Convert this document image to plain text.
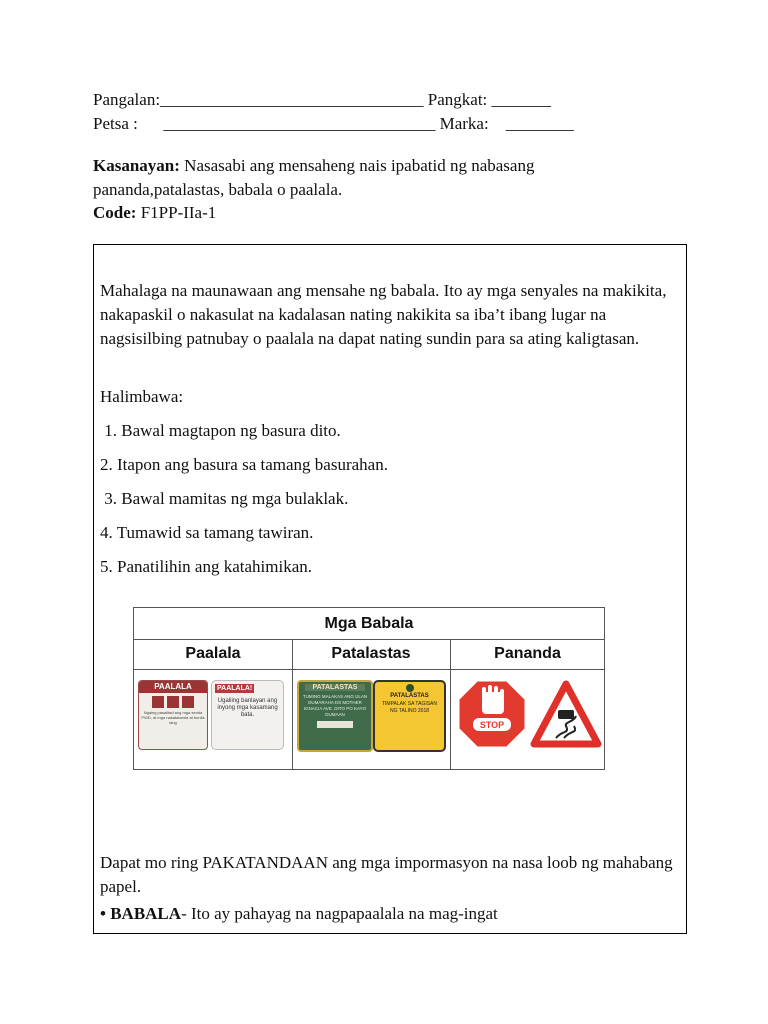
Pangalan:_______________________________ Pangkat: _______
Petsa :      ________________________________ Marka:    ________
Kasanayan: Nasasabi ang mensaheng nais ipabatid ng nabasang
pananda,patalastas, babala o paalala.
Code: F1PP-IIa-1
Mahalaga na maunawaan ang mensahe ng babala. Ito ay mga senyales na makikita, nakapaskil o nakasulat na kadalasan nating nakikita sa iba’t ibang lugar na nagsisilbing patnubay o paalala na dapat nating sundin para sa ating kaligtasan.
Halimbawa:
1. Bawal magtapon ng basura dito.
2. Itapon ang basura sa tamang basurahan.
3. Bawal mamitas ng mga bulaklak.
4. Tumawid sa tamang tawiran.
5. Panatilihin ang katahimikan.
Mga Babala
Paalala	Patalastas	Pananda
PAALALA
Ngaing pasalitad ang mga senda PWD, at mga nakatatanda at buntis lang
PAALALA!
Ugaliing banlayan ang inyong mga kasamang bata.
PATALASTAS
TUMING MALAKAS ANG ULAN DUMARAHA DS MOTHER IGNACIA AVE. DITO PO KAYO DUMAAN
PATALASTAS
TIMPALAK SA TAGISAN NG TALINO 2018
STOP
Dapat mo ring PAKATANDAAN ang mga impormasyon na nasa loob ng mahabang papel.
• BABALA- Ito ay pahayag na nagpapaalala na mag-ingat
